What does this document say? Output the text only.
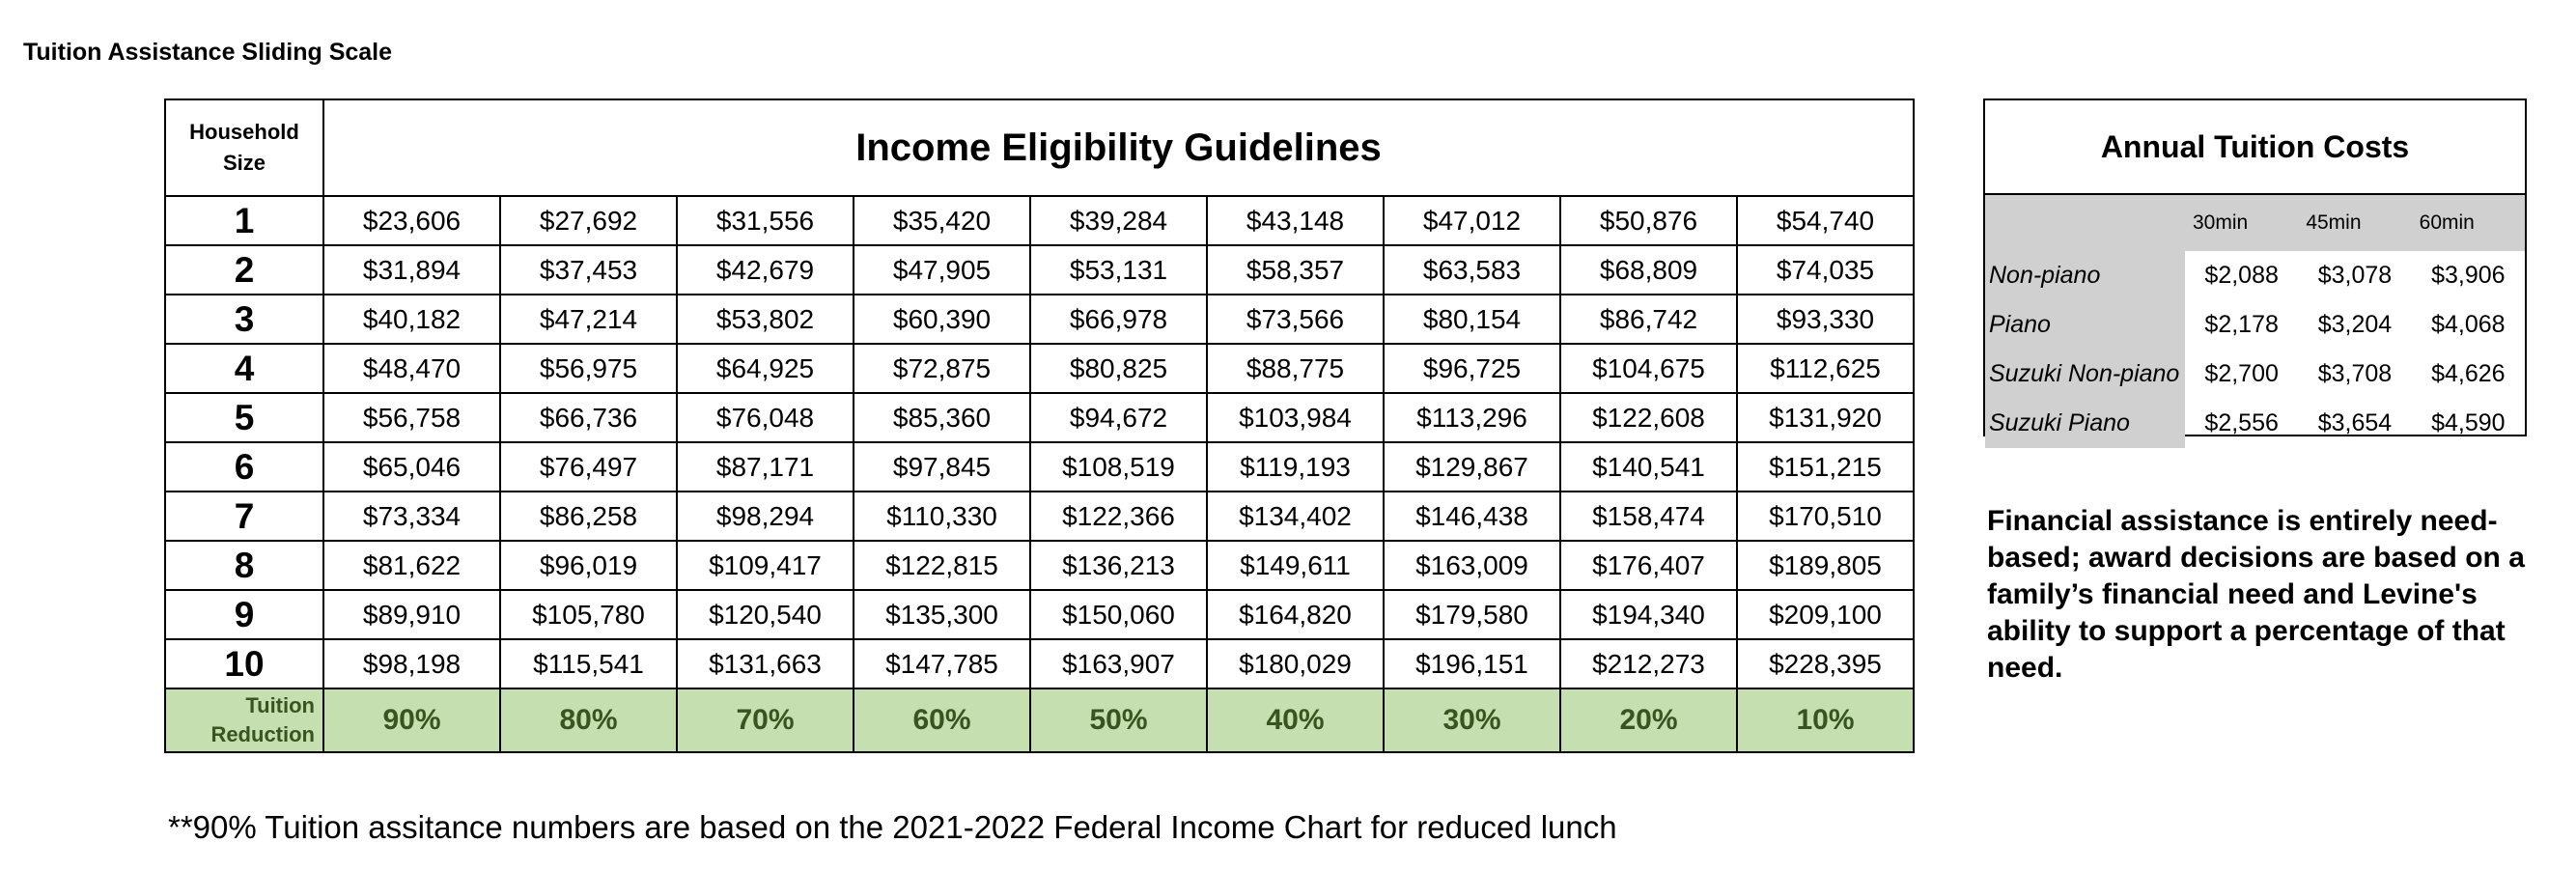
Tuition Assistance Sliding Scale
Household Size	Income Eligibility Guidelines								
1	$23,606	$27,692	$31,556	$35,420	$39,284	$43,148	$47,012	$50,876	$54,740
2	$31,894	$37,453	$42,679	$47,905	$53,131	$58,357	$63,583	$68,809	$74,035
3	$40,182	$47,214	$53,802	$60,390	$66,978	$73,566	$80,154	$86,742	$93,330
4	$48,470	$56,975	$64,925	$72,875	$80,825	$88,775	$96,725	$104,675	$112,625
5	$56,758	$66,736	$76,048	$85,360	$94,672	$103,984	$113,296	$122,608	$131,920
6	$65,046	$76,497	$87,171	$97,845	$108,519	$119,193	$129,867	$140,541	$151,215
7	$73,334	$86,258	$98,294	$110,330	$122,366	$134,402	$146,438	$158,474	$170,510
8	$81,622	$96,019	$109,417	$122,815	$136,213	$149,611	$163,009	$176,407	$189,805
9	$89,910	$105,780	$120,540	$135,300	$150,060	$164,820	$179,580	$194,340	$209,100
10	$98,198	$115,541	$131,663	$147,785	$163,907	$180,029	$196,151	$212,273	$228,395
Tuition Reduction	90%	80%	70%	60%	50%	40%	30%	20%	10%
Annual Tuition Costs
	30min	45min	60min
Non-piano	$2,088	$3,078	$3,906
Piano	$2,178	$3,204	$4,068
Suzuki Non-piano	$2,700	$3,708	$4,626
Suzuki Piano	$2,556	$3,654	$4,590
Financial assistance is entirely need-based; award decisions are based on a family’s financial need and Levine's ability to support a percentage of that need.
**90% Tuition assitance numbers are based on the 2021-2022 Federal Income Chart for reduced lunch
